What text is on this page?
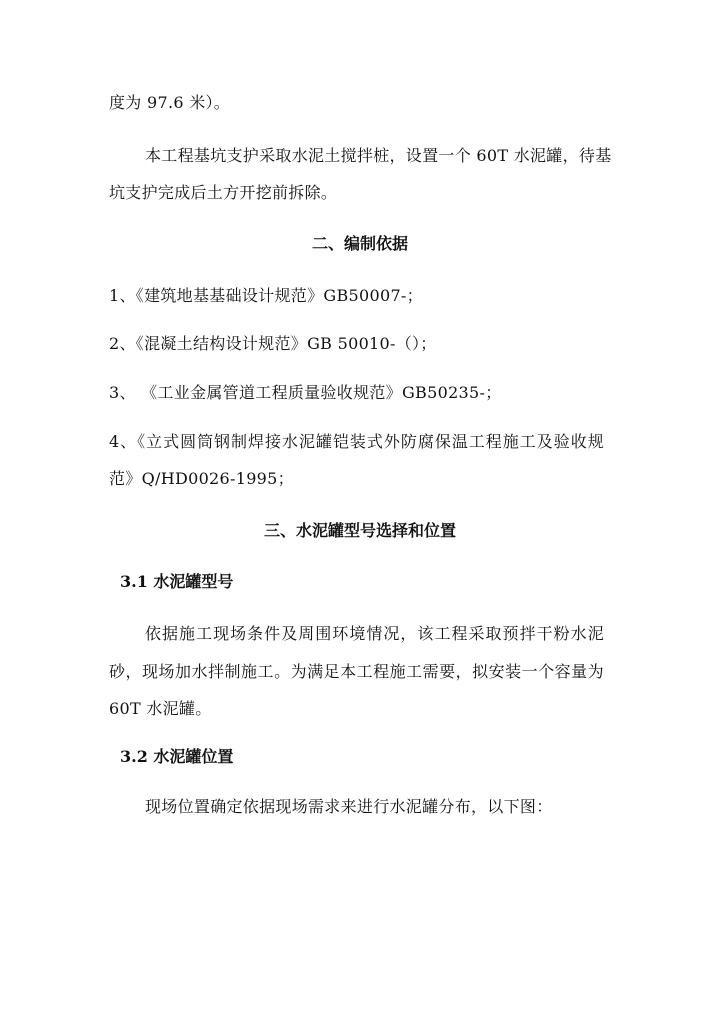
度为 97.6 米）。
本工程基坑支护采取水泥土搅拌桩，设置一个 60T 水泥罐，待基
坑支护完成后土方开挖前拆除。
二、编制依据
1、《建筑地基基础设计规范》GB50007-；
2、《混凝土结构设计规范》GB 50010-（）；
3、 《工业金属管道工程质量验收规范》GB50235-；
4、《立式圆筒钢制焊接水泥罐铠装式外防腐保温工程施工及验收规
范》Q/HD0026-1995；
三、水泥罐型号选择和位置
3.1 水泥罐型号
依据施工现场条件及周围环境情况，该工程采取预拌干粉水泥
砂，现场加水拌制施工。为满足本工程施工需要，拟安装一个容量为
60T 水泥罐。
3.2 水泥罐位置
现场位置确定依据现场需求来进行水泥罐分布，以下图：
